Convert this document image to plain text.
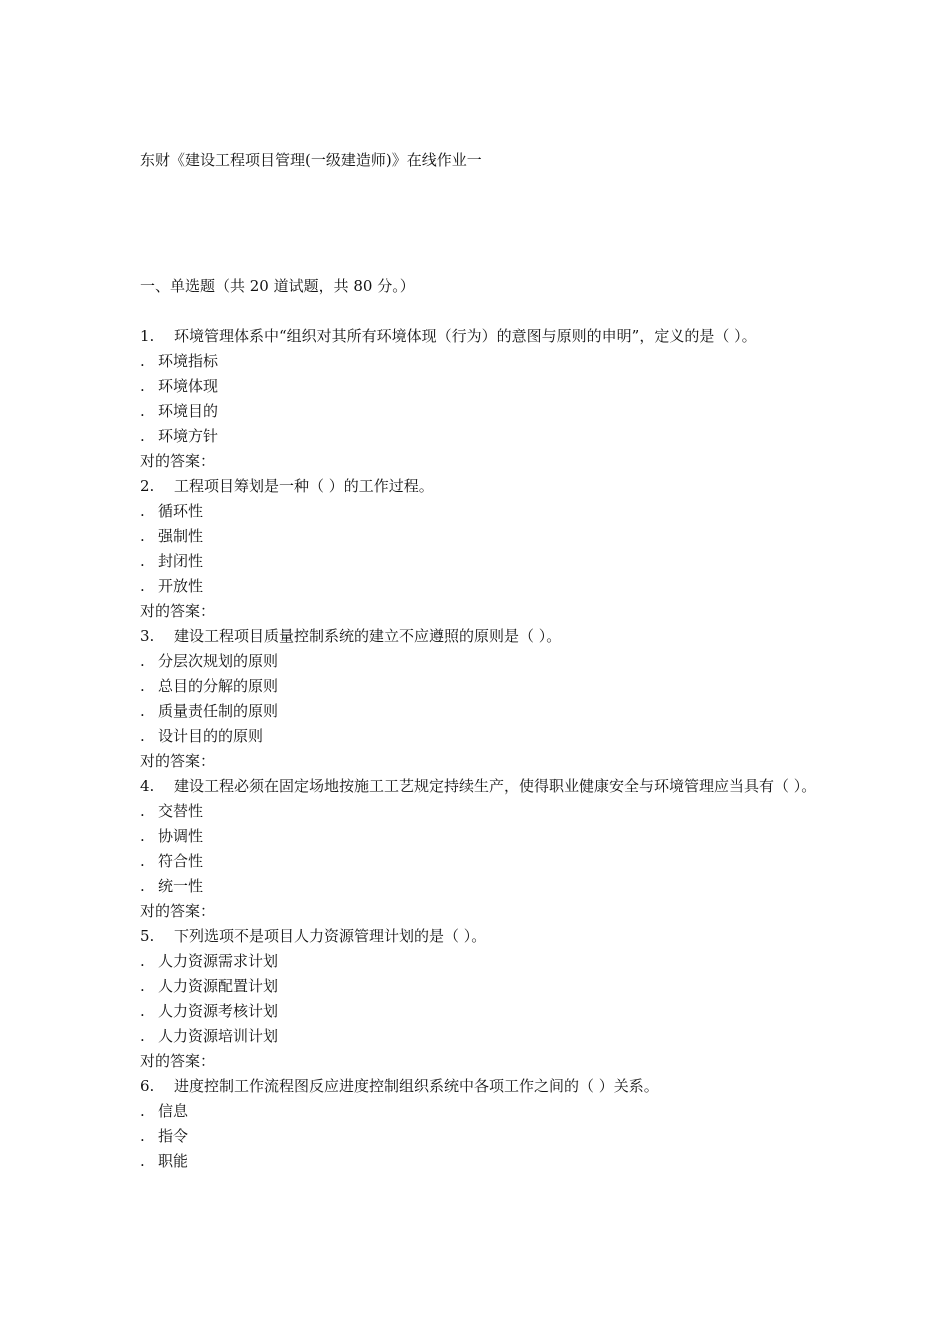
东财《建设工程项目管理(一级建造师)》在线作业一
一、单选题（共 20 道试题，共 80 分。）
1. 环境管理体系中“组织对其所有环境体现（行为）的意图与原则的申明”，定义的是（ ）。
. 环境指标
. 环境体现
. 环境目的
. 环境方针
对的答案：
2. 工程项目筹划是一种（ ）的工作过程。
. 循环性
. 强制性
. 封闭性
. 开放性
对的答案：
3. 建设工程项目质量控制系统的建立不应遵照的原则是（ ）。
. 分层次规划的原则
. 总目的分解的原则
. 质量责任制的原则
. 设计目的的原则
对的答案：
4. 建设工程必须在固定场地按施工工艺规定持续生产，使得职业健康安全与环境管理应当具有（ ）。
. 交替性
. 协调性
. 符合性
. 统一性
对的答案：
5. 下列选项不是项目人力资源管理计划的是（ ）。
. 人力资源需求计划
. 人力资源配置计划
. 人力资源考核计划
. 人力资源培训计划
对的答案：
6. 进度控制工作流程图反应进度控制组织系统中各项工作之间的（ ）关系。
. 信息
. 指令
. 职能
